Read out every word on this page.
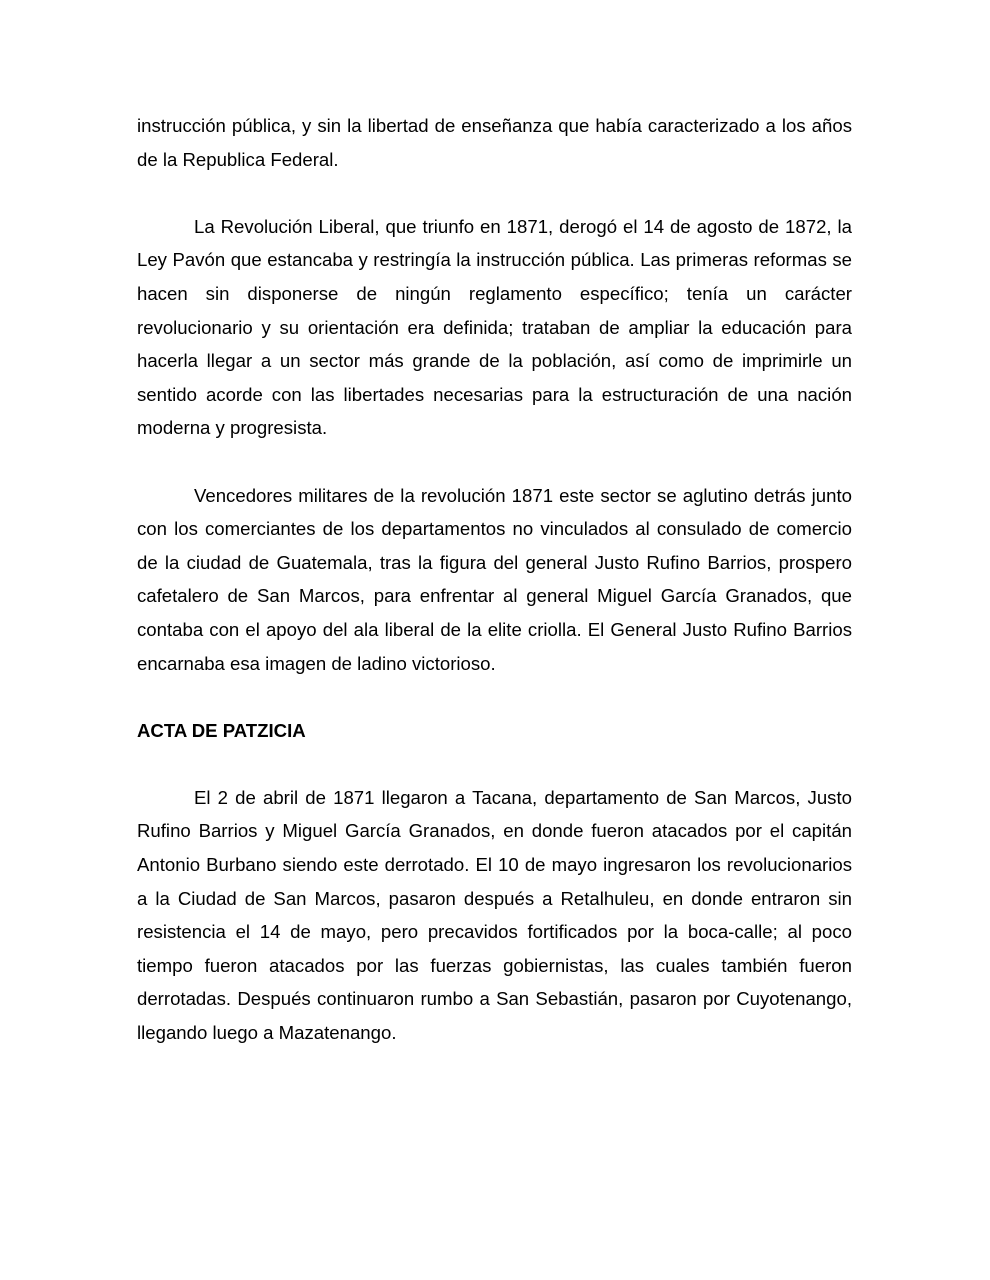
instrucción pública, y sin la libertad de enseñanza que había caracterizado a los años de la Republica Federal.

La Revolución Liberal, que triunfo en 1871, derogó el 14 de agosto de 1872, la Ley Pavón que estancaba y restringía la instrucción pública. Las primeras reformas se hacen sin disponerse de ningún reglamento específico; tenía un carácter revolucionario y su orientación era definida; trataban de ampliar la educación para hacerla llegar a un sector más grande de la población, así como de imprimirle un sentido acorde con las libertades necesarias para la estructuración de una nación moderna y progresista.

Vencedores militares de la revolución 1871 este sector se aglutino detrás junto con los comerciantes de los departamentos no vinculados al consulado de comercio de la ciudad de Guatemala, tras la figura del general Justo Rufino Barrios, prospero cafetalero de San Marcos, para enfrentar al general Miguel García Granados, que contaba con el apoyo del ala liberal de la elite criolla. El General Justo Rufino Barrios encarnaba esa imagen de ladino victorioso.

ACTA DE PATZICIA

El 2 de abril de 1871 llegaron a Tacana, departamento de San Marcos, Justo Rufino Barrios y Miguel García Granados, en donde fueron atacados por el capitán Antonio Burbano siendo este derrotado. El 10 de mayo ingresaron los revolucionarios a la Ciudad de San Marcos, pasaron después a Retalhuleu, en donde entraron sin resistencia el 14 de mayo, pero precavidos fortificados por la boca-calle; al poco tiempo fueron atacados por las fuerzas gobiernistas, las cuales también fueron derrotadas. Después continuaron rumbo a San Sebastián, pasaron por Cuyotenango, llegando luego a Mazatenango.
